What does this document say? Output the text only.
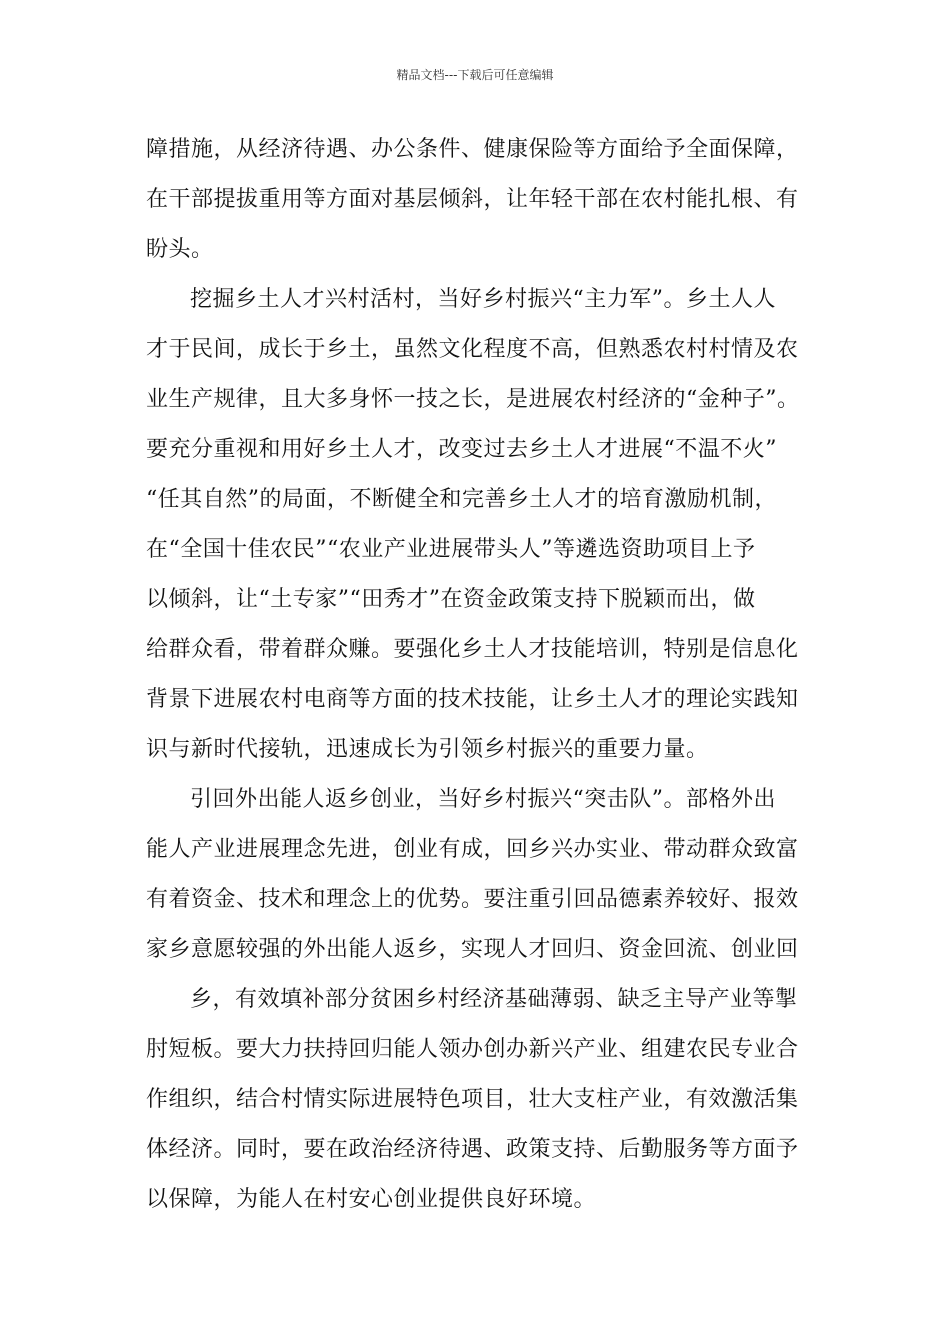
精品文档---下载后可任意编辑
障措施，从经济待遇、办公条件、健康保险等方面给予全面保障，
在干部提拔重用等方面对基层倾斜，让年轻干部在农村能扎根、有
盼头。
挖掘乡土人才兴村活村，当好乡村振兴“主力军”。乡土人人
才于民间，成长于乡土，虽然文化程度不高，但熟悉农村村情及农
业生产规律，且大多身怀一技之长，是进展农村经济的“金种子”。
要充分重视和用好乡土人才，改变过去乡土人才进展“不温不火”
“任其自然”的局面，不断健全和完善乡土人才的培育激励机制，
在“全国十佳农民”“农业产业进展带头人”等遴选资助项目上予
以倾斜，让“土专家”“田秀才”在资金政策支持下脱颖而出，做
给群众看，带着群众赚。要强化乡土人才技能培训，特别是信息化
背景下进展农村电商等方面的技术技能，让乡土人才的理论实践知
识与新时代接轨，迅速成长为引领乡村振兴的重要力量。
引回外出能人返乡创业，当好乡村振兴“突击队”。部格外出
能人产业进展理念先进，创业有成，回乡兴办实业、带动群众致富
有着资金、技术和理念上的优势。要注重引回品德素养较好、报效
家乡意愿较强的外出能人返乡，实现人才回归、资金回流、创业回
乡，有效填补部分贫困乡村经济基础薄弱、缺乏主导产业等掣
肘短板。要大力扶持回归能人领办创办新兴产业、组建农民专业合
作组织，结合村情实际进展特色项目，壮大支柱产业，有效激活集
体经济。同时，要在政治经济待遇、政策支持、后勤服务等方面予
以保障，为能人在村安心创业提供良好环境。
